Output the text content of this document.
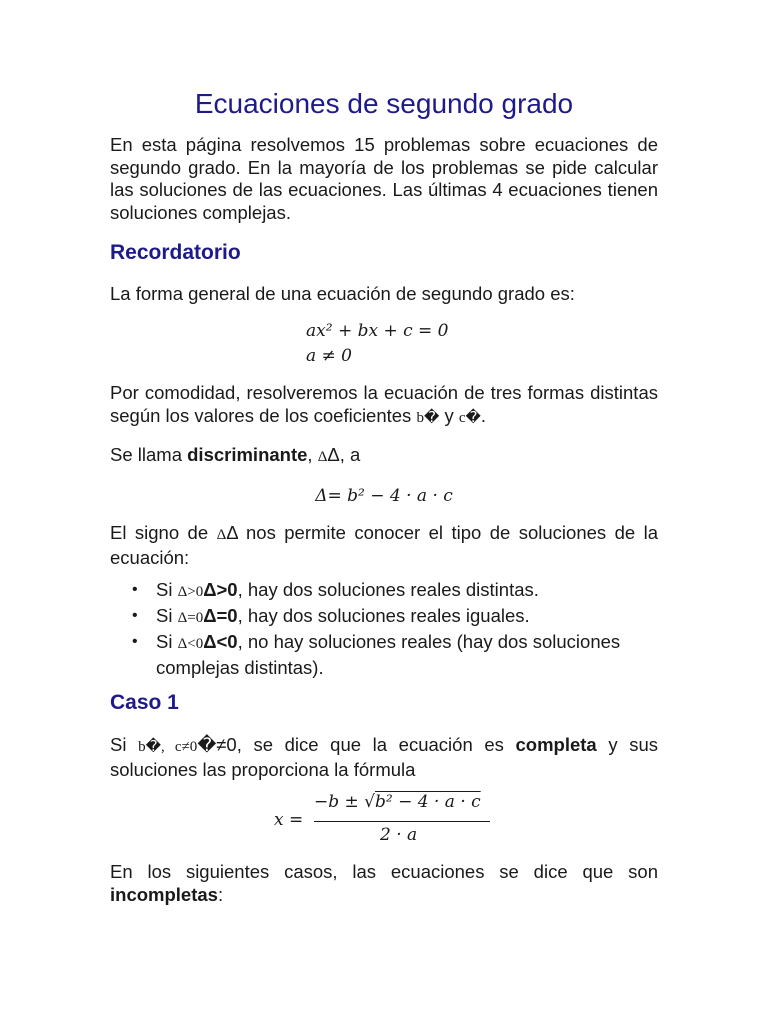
Ecuaciones de segundo grado

En esta página resolvemos 15 problemas sobre ecuaciones de segundo grado. En la mayoría de los problemas se pide calcular las soluciones de las ecuaciones. Las últimas 4 ecuaciones tienen soluciones complejas.

Recordatorio

La forma general de una ecuación de segundo grado es:

ax² + bx + c = 0
a ≠ 0

Por comodidad, resolveremos la ecuación de tres formas distintas según los valores de los coeficientes b� y c�.

Se llama discriminante, ΔΔ, a

Δ= b² − 4 · a · c

El signo de ΔΔ nos permite conocer el tipo de soluciones de la ecuación:

• Si Δ>0Δ>0, hay dos soluciones reales distintas.
• Si Δ=0Δ=0, hay dos soluciones reales iguales.
• Si Δ<0Δ<0, no hay soluciones reales (hay dos soluciones complejas distintas).
Caso 1

Si b�, c≠0�≠0, se dice que la ecuación es completa y sus soluciones las proporciona la fórmula

x =
−b ± √b² − 4 · a · c
2 · a

En los siguientes casos, las ecuaciones se dice que son incompletas:
